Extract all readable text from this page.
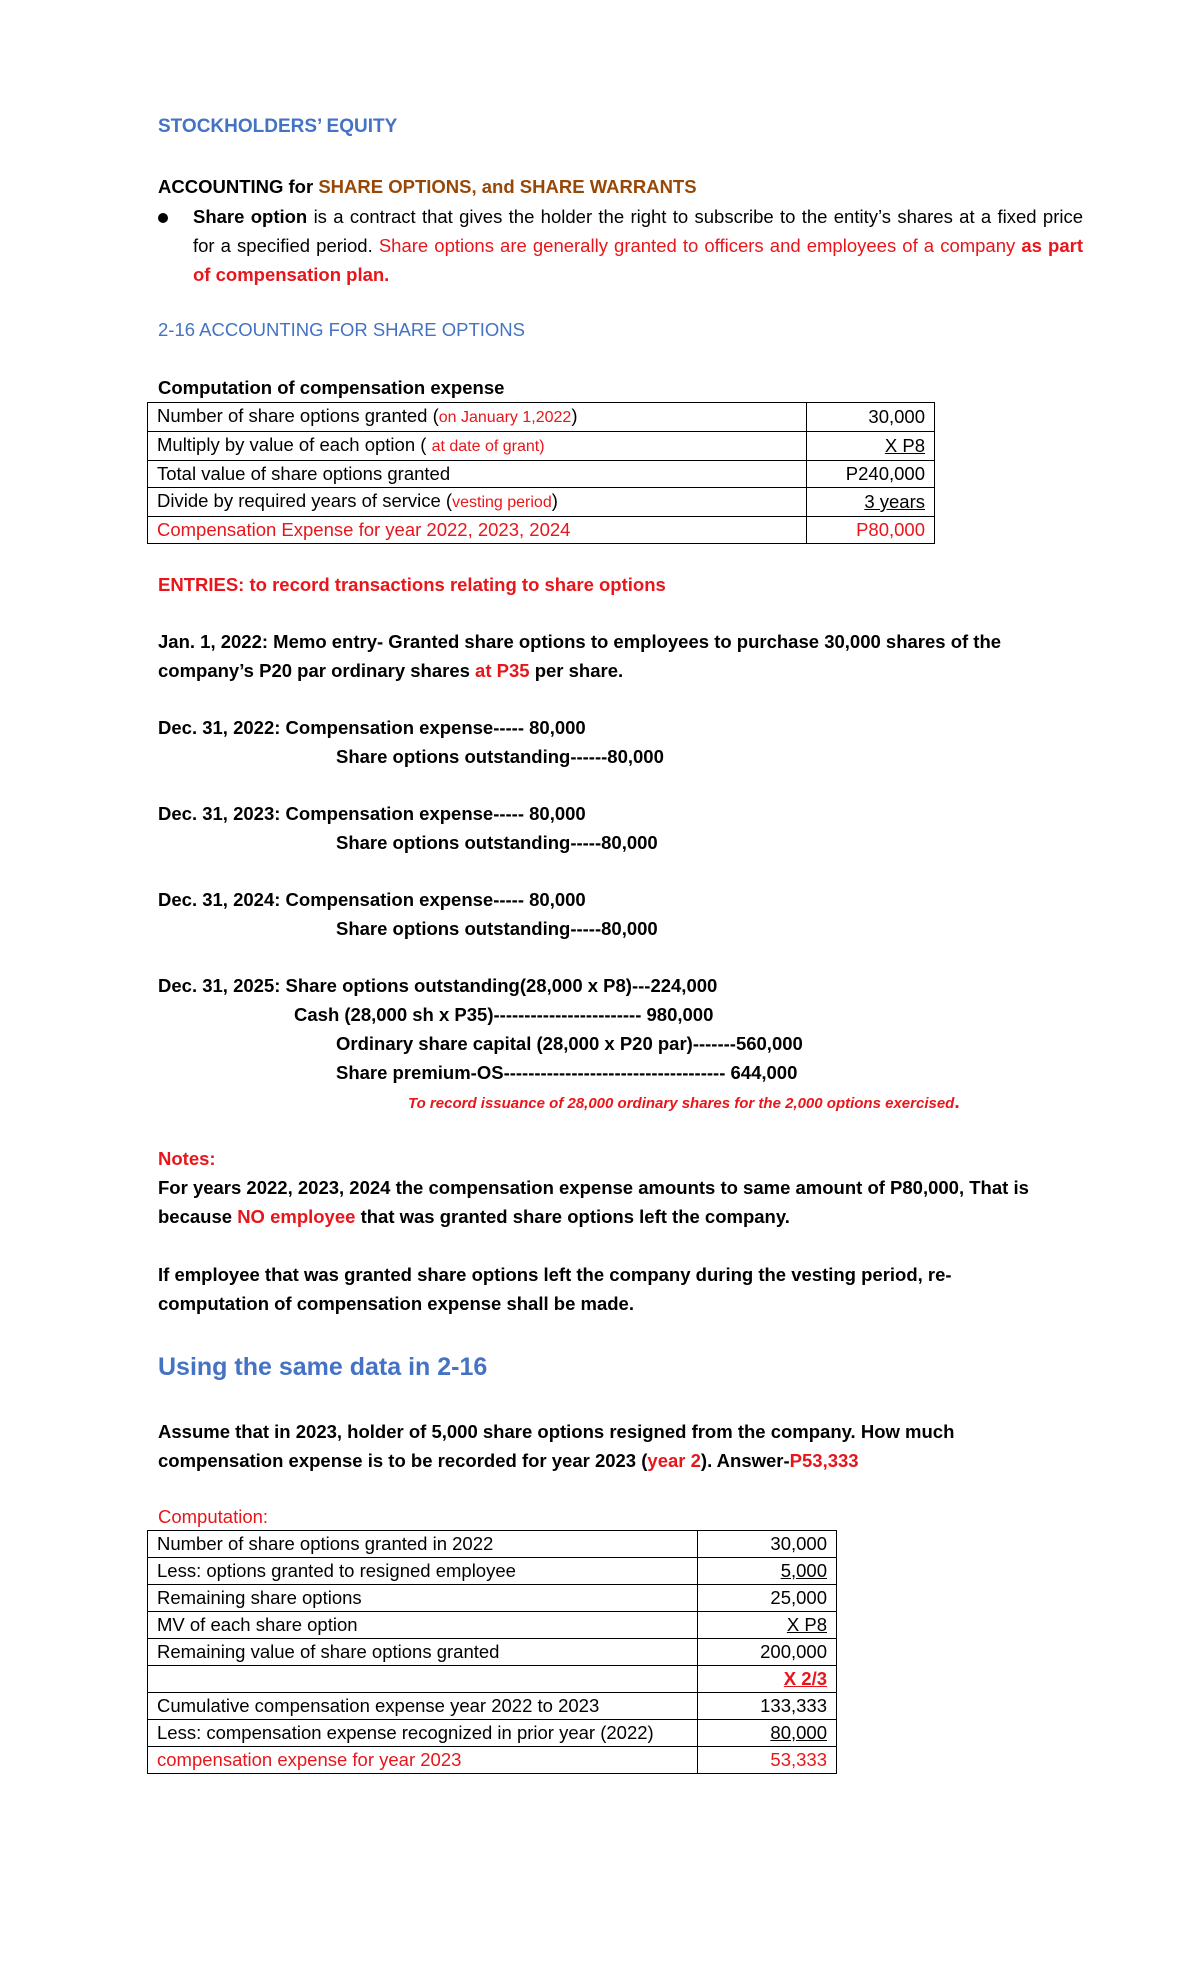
STOCKHOLDERS’ EQUITY
ACCOUNTING for SHARE OPTIONS, and SHARE WARRANTS
Share option is a contract that gives the holder the right to subscribe to the entity’s shares at a fixed price for a specified period. Share options are generally granted to officers and employees of a company as part of compensation plan.
2-16 ACCOUNTING FOR SHARE OPTIONS
Computation of compensation expense
Number of share options granted (on January 1,2022)	30,000
Multiply by value of each option ( at date of grant)	X P8
Total value of share options granted	P240,000
Divide by required years of service (vesting period)	3 years
Compensation Expense for year 2022, 2023, 2024	P80,000
ENTRIES: to record transactions relating to share options
Jan. 1, 2022: Memo entry- Granted share options to employees to purchase 30,000 shares of the
company’s P20 par ordinary shares at P35 per share.
Dec. 31, 2022: Compensation expense----- 80,000
Share options outstanding------80,000
Dec. 31, 2023: Compensation expense----- 80,000
Share options outstanding-----80,000
Dec. 31, 2024: Compensation expense----- 80,000
Share options outstanding-----80,000
Dec. 31, 2025: Share options outstanding(28,000 x P8)---224,000
Cash (28,000 sh x P35)------------------------ 980,000
Ordinary share capital (28,000 x P20 par)-------560,000
Share premium-OS------------------------------------ 644,000
To record issuance of 28,000 ordinary shares for the 2,000 options exercised.
Notes:
For years 2022, 2023, 2024 the compensation expense amounts to same amount of P80,000, That is
because NO employee that was granted share options left the company.
If employee that was granted share options left the company during the vesting period, re-
computation of compensation expense shall be made.
Using the same data in 2-16
Assume that in 2023, holder of 5,000 share options resigned from the company. How much
compensation expense is to be recorded for year 2023 (year 2). Answer-P53,333
Computation:
Number of share options granted in 2022	30,000
Less: options granted to resigned employee	5,000
Remaining share options	25,000
MV of each share option	X P8
Remaining value of share options granted	200,000
	X 2/3
Cumulative compensation expense year 2022 to 2023	133,333
Less: compensation expense recognized in prior year (2022)	80,000
compensation expense for year 2023	53,333
